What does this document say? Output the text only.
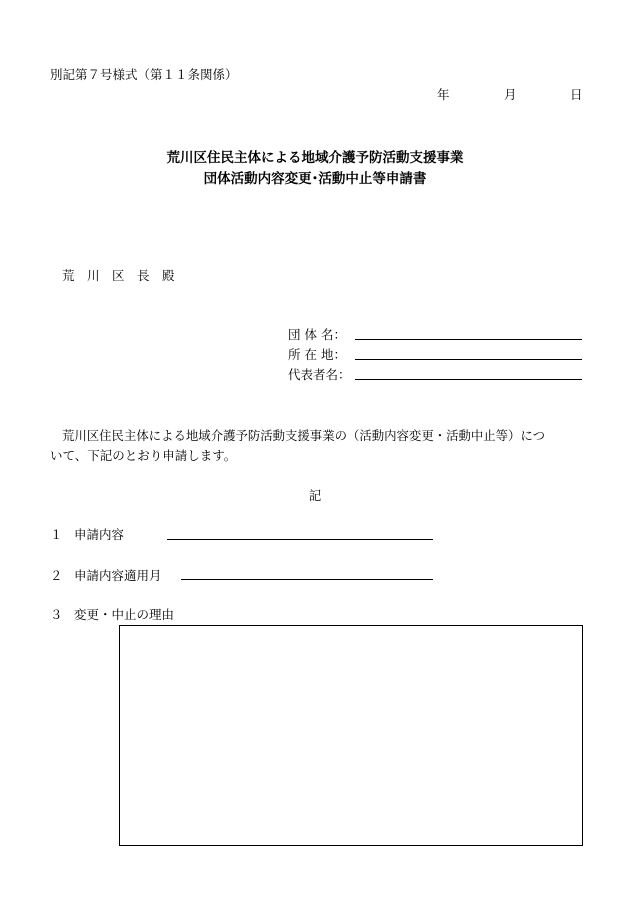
別記第７号様式（第１１条関係）
年	月	日
荒川区住民主体による地域介護予防活動支援事業
団体活動内容変更･活動中止等申請書
荒　川　区　長　殿
団 体 名：
所 在 地：
代表者名：
荒川区住民主体による地域介護予防活動支援事業の（活動内容変更・活動中止等）につ
いて、下記のとおり申請します。
記
１ 申請内容
２ 申請内容適用月
３ 変更・中止の理由
